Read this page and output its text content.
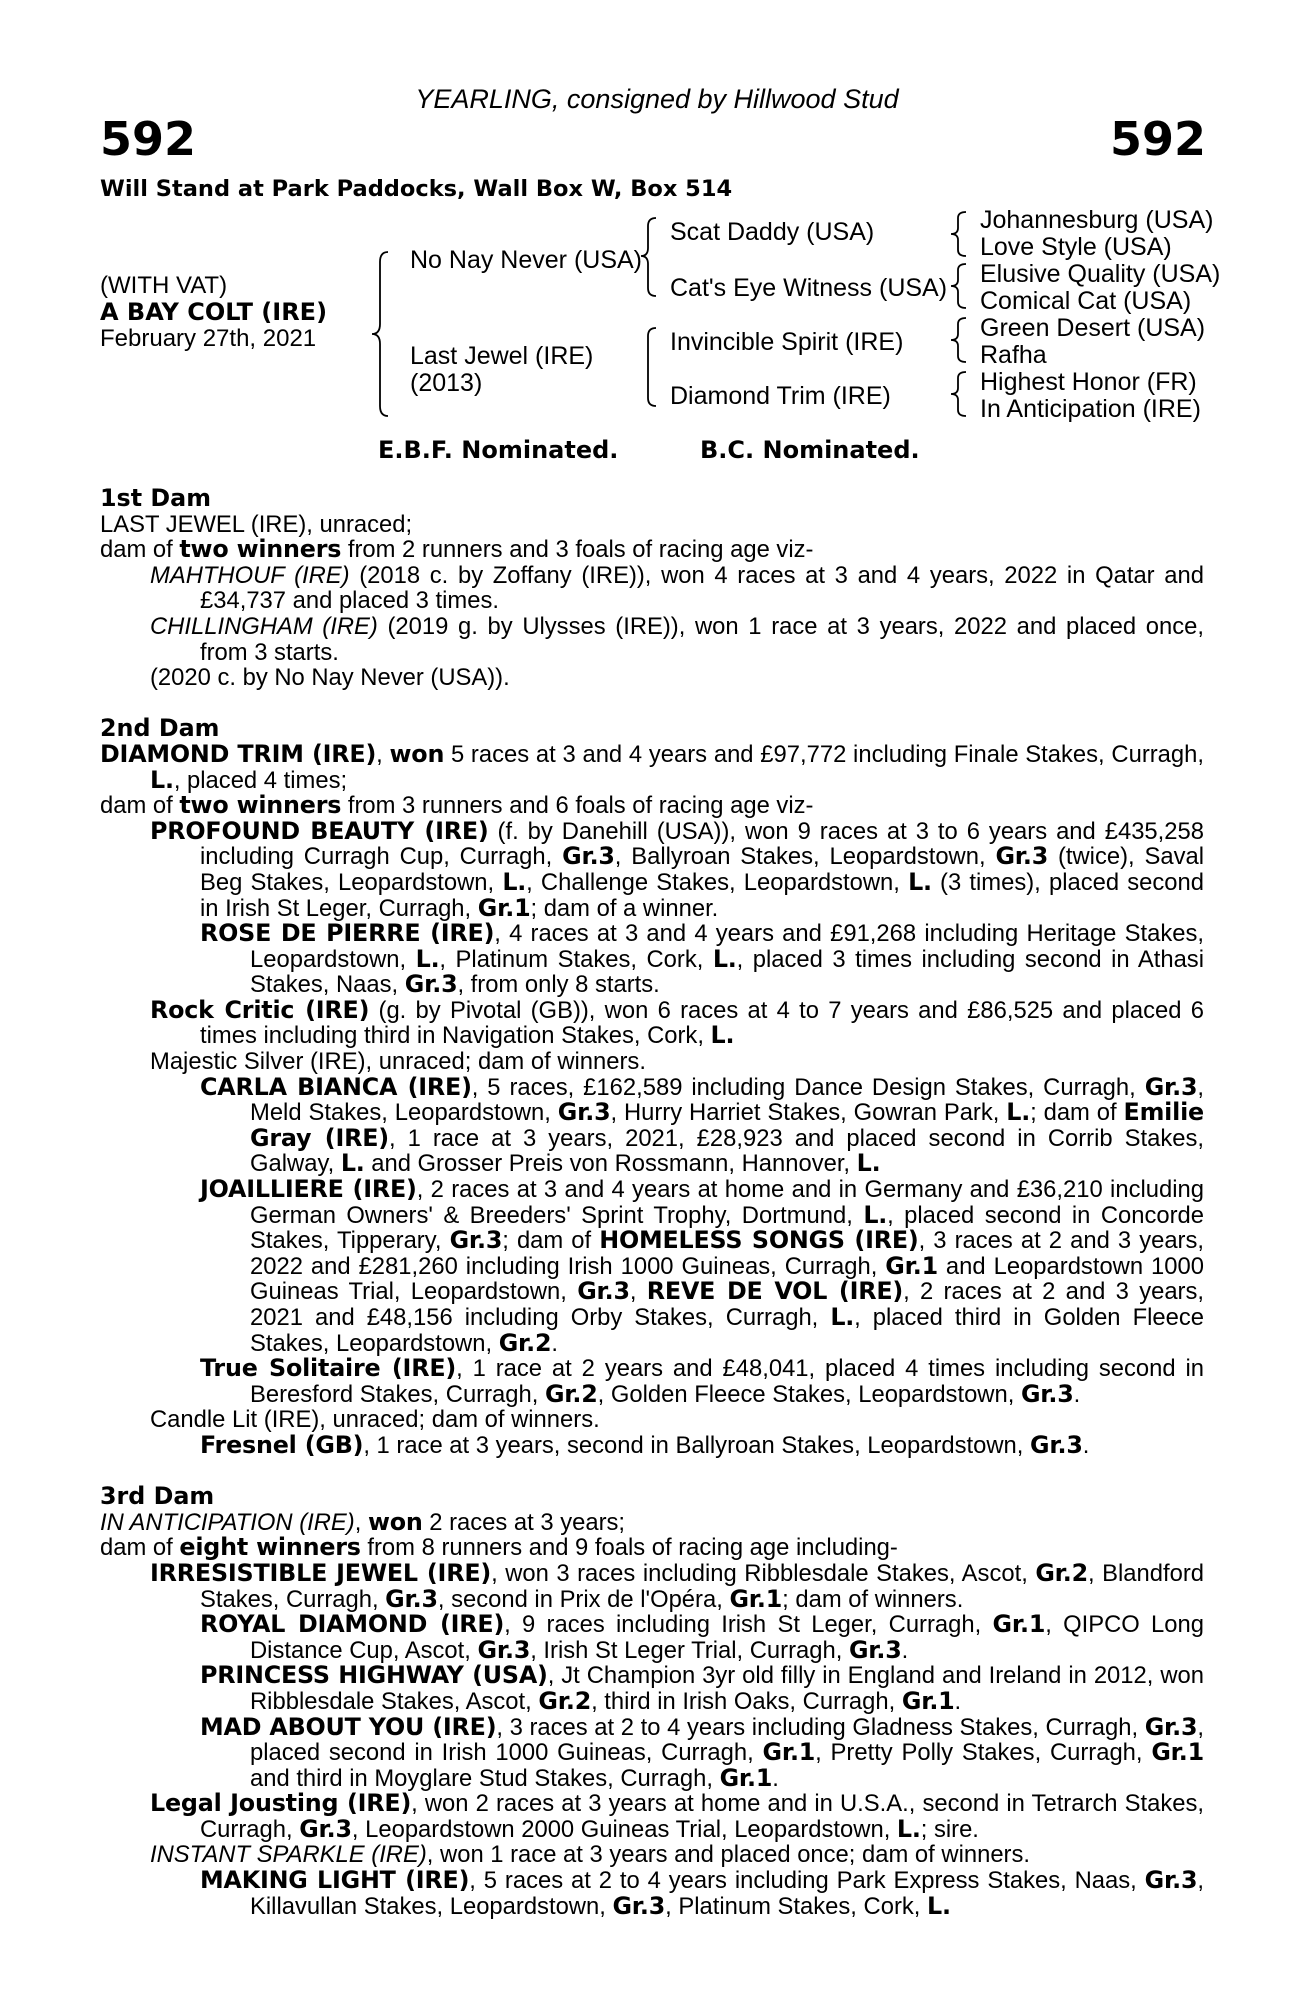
YEARLING, consigned by Hillwood Stud
592	592
Will Stand at Park Paddocks, Wall Box W, Box 514
(WITH VAT)
A BAY COLT (IRE)
February 27th, 2021
No Nay Never (USA)
Last Jewel (IRE)
(2013)
Scat Daddy (USA)
Cat's Eye Witness (USA)
Invincible Spirit (IRE)
Diamond Trim (IRE)
Johannesburg (USA)
Love Style (USA)
Elusive Quality (USA)
Comical Cat (USA)
Green Desert (USA)
Rafha
Highest Honor (FR)
In Anticipation (IRE)
E.B.F. Nominated.	B.C. Nominated.
1st Dam
LAST JEWEL (IRE), unraced;
dam of two winners from 2 runners and 3 foals of racing age viz-
MAHTHOUF (IRE) (2018 c. by Zoffany (IRE)), won 4 races at 3 and 4 years, 2022 in Qatar and £34,737 and placed 3 times.
CHILLINGHAM (IRE) (2019 g. by Ulysses (IRE)), won 1 race at 3 years, 2022 and placed once, from 3 starts.
(2020 c. by No Nay Never (USA)).
2nd Dam
DIAMOND TRIM (IRE), won 5 races at 3 and 4 years and £97,772 including Finale Stakes, Curragh, L., placed 4 times;
dam of two winners from 3 runners and 6 foals of racing age viz-
PROFOUND BEAUTY (IRE) (f. by Danehill (USA)), won 9 races at 3 to 6 years and £435,258 including Curragh Cup, Curragh, Gr.3, Ballyroan Stakes, Leopardstown, Gr.3 (twice), Saval Beg Stakes, Leopardstown, L., Challenge Stakes, Leopardstown, L. (3 times), placed second in Irish St Leger, Curragh, Gr.1; dam of a winner.
ROSE DE PIERRE (IRE), 4 races at 3 and 4 years and £91,268 including Heritage Stakes, Leopardstown, L., Platinum Stakes, Cork, L., placed 3 times including second in Athasi Stakes, Naas, Gr.3, from only 8 starts.
Rock Critic (IRE) (g. by Pivotal (GB)), won 6 races at 4 to 7 years and £86,525 and placed 6 times including third in Navigation Stakes, Cork, L.
Majestic Silver (IRE), unraced; dam of winners.
CARLA BIANCA (IRE), 5 races, £162,589 including Dance Design Stakes, Curragh, Gr.3, Meld Stakes, Leopardstown, Gr.3, Hurry Harriet Stakes, Gowran Park, L.; dam of Emilie Gray (IRE), 1 race at 3 years, 2021, £28,923 and placed second in Corrib Stakes, Galway, L. and Grosser Preis von Rossmann, Hannover, L.
JOAILLIERE (IRE), 2 races at 3 and 4 years at home and in Germany and £36,210 including German Owners' & Breeders' Sprint Trophy, Dortmund, L., placed second in Concorde Stakes, Tipperary, Gr.3; dam of HOMELESS SONGS (IRE), 3 races at 2 and 3 years, 2022 and £281,260 including Irish 1000 Guineas, Curragh, Gr.1 and Leopardstown 1000 Guineas Trial, Leopardstown, Gr.3, REVE DE VOL (IRE), 2 races at 2 and 3 years, 2021 and £48,156 including Orby Stakes, Curragh, L., placed third in Golden Fleece Stakes, Leopardstown, Gr.2.
True Solitaire (IRE), 1 race at 2 years and £48,041, placed 4 times including second in Beresford Stakes, Curragh, Gr.2, Golden Fleece Stakes, Leopardstown, Gr.3.
Candle Lit (IRE), unraced; dam of winners.
Fresnel (GB), 1 race at 3 years, second in Ballyroan Stakes, Leopardstown, Gr.3.
3rd Dam
IN ANTICIPATION (IRE), won 2 races at 3 years;
dam of eight winners from 8 runners and 9 foals of racing age including-
IRRESISTIBLE JEWEL (IRE), won 3 races including Ribblesdale Stakes, Ascot, Gr.2, Blandford Stakes, Curragh, Gr.3, second in Prix de l'Opéra, Gr.1; dam of winners.
ROYAL DIAMOND (IRE), 9 races including Irish St Leger, Curragh, Gr.1, QIPCO Long Distance Cup, Ascot, Gr.3, Irish St Leger Trial, Curragh, Gr.3.
PRINCESS HIGHWAY (USA), Jt Champion 3yr old filly in England and Ireland in 2012, won Ribblesdale Stakes, Ascot, Gr.2, third in Irish Oaks, Curragh, Gr.1.
MAD ABOUT YOU (IRE), 3 races at 2 to 4 years including Gladness Stakes, Curragh, Gr.3, placed second in Irish 1000 Guineas, Curragh, Gr.1, Pretty Polly Stakes, Curragh, Gr.1 and third in Moyglare Stud Stakes, Curragh, Gr.1.
Legal Jousting (IRE), won 2 races at 3 years at home and in U.S.A., second in Tetrarch Stakes, Curragh, Gr.3, Leopardstown 2000 Guineas Trial, Leopardstown, L.; sire.
INSTANT SPARKLE (IRE), won 1 race at 3 years and placed once; dam of winners.
MAKING LIGHT (IRE), 5 races at 2 to 4 years including Park Express Stakes, Naas, Gr.3, Killavullan Stakes, Leopardstown, Gr.3, Platinum Stakes, Cork, L.
